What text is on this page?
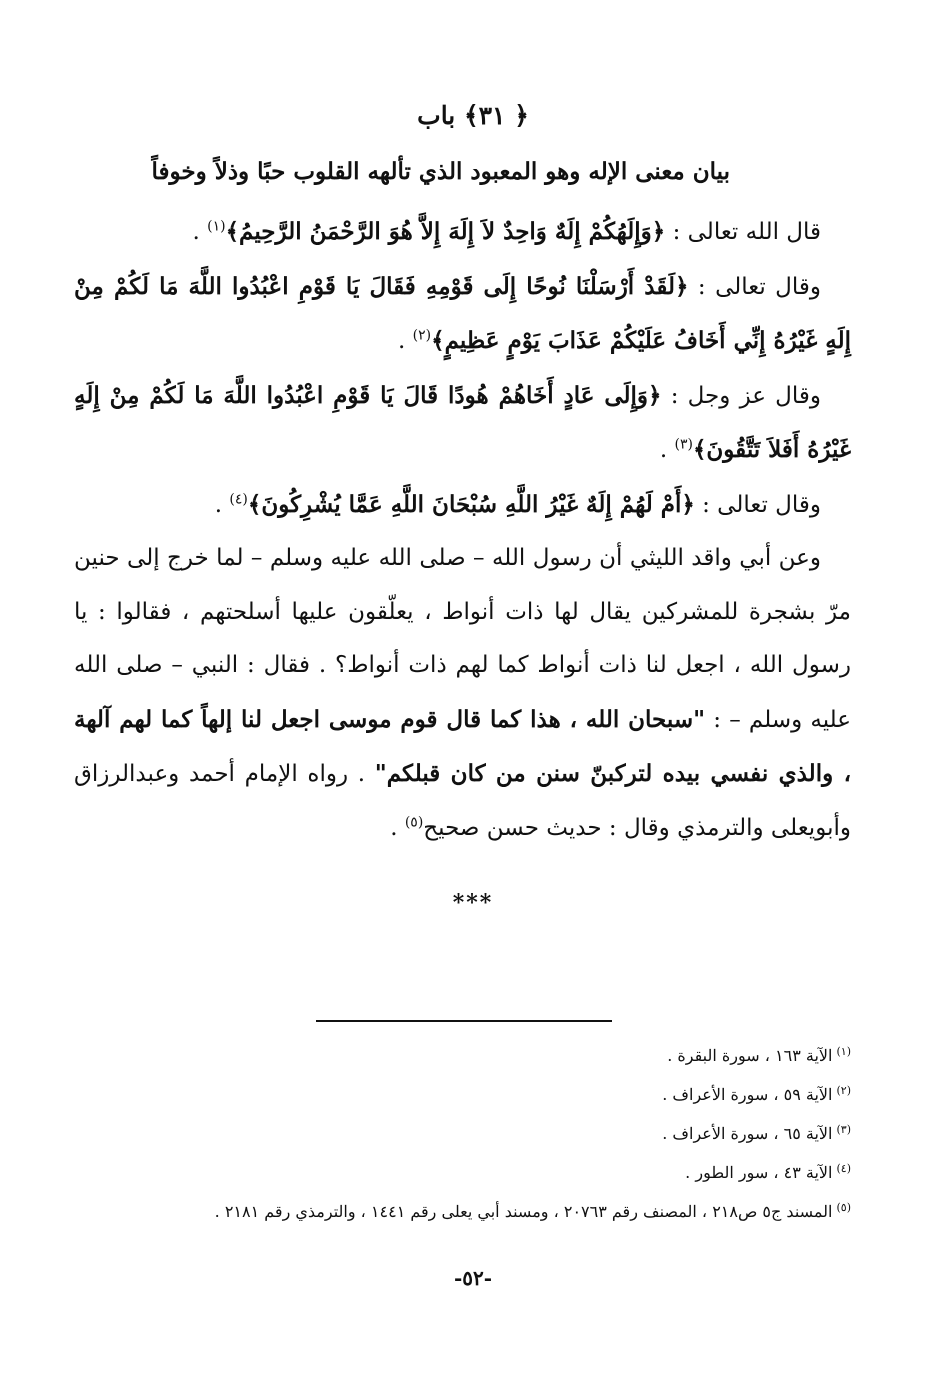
﴿ ٣١﴾ باب
بيان معنى الإله وهو المعبود الذي تألهه القلوب حبًا وذلاً وخوفاً

قال الله تعالى : ﴿وَإِلَهُكُمْ إِلَهٌ وَاحِدٌ لاَ إِلَهَ إِلاَّ هُوَ الرَّحْمَنُ الرَّحِيمُ﴾$^{(١)}$ .

وقال تعالى : ﴿لَقَدْ أَرْسَلْنَا نُوحًا إِلَى قَوْمِهِ فَقَالَ يَا قَوْمِ اعْبُدُوا اللَّهَ مَا لَكُمْ مِنْ إِلَهٍ غَيْرُهُ إِنِّي أَخَافُ عَلَيْكُمْ عَذَابَ يَوْمٍ عَظِيمٍ﴾$^{(٢)}$ .

وقال عز وجل : ﴿وَإِلَى عَادٍ أَخَاهُمْ هُودًا قَالَ يَا قَوْمِ اعْبُدُوا اللَّهَ مَا لَكُمْ مِنْ إِلَهٍ غَيْرُهُ أَفَلاَ تَتَّقُونَ﴾$^{(٣)}$ .

وقال تعالى : ﴿أَمْ لَهُمْ إِلَهٌ غَيْرُ اللَّهِ سُبْحَانَ اللَّهِ عَمَّا يُشْرِكُونَ﴾$^{(٤)}$ .

وعن أبي واقد الليثي أن رسول الله – صلى الله عليه وسلم – لما خرج إلى حنين مرّ بشجرة للمشركين يقال لها ذات أنواط ، يعلّقون عليها أسلحتهم ، فقالوا : يا رسول الله ، اجعل لنا ذات أنواط كما لهم ذات أنواط؟ . فقال : النبي – صلى الله عليه وسلم – : "سبحان الله ، هذا كما قال قوم موسى اجعل لنا إلهاً كما لهم آلهة ، والذي نفسي بيده لتركبنّ سنن من كان قبلكم" . رواه الإمام أحمد وعبدالرزاق وأبويعلى والترمذي وقال : حديث حسن صحيح$^{(٥)}$ .

***

$^{(١)}$الآية ١٦٣ ، سورة البقرة .

$^{(٢)}$الآية ٥٩ ، سورة الأعراف .

$^{(٣)}$الآية ٦٥ ، سورة الأعراف .

$^{(٤)}$الآية ٤٣ ، سور الطور .

$^{(٥)}$المسند ج٥ ص٢١٨ ، المصنف رقم ٢٠٧٦٣ ، ومسند أبي يعلى رقم ١٤٤١ ، والترمذي رقم ٢١٨١ .

-٥٢-
